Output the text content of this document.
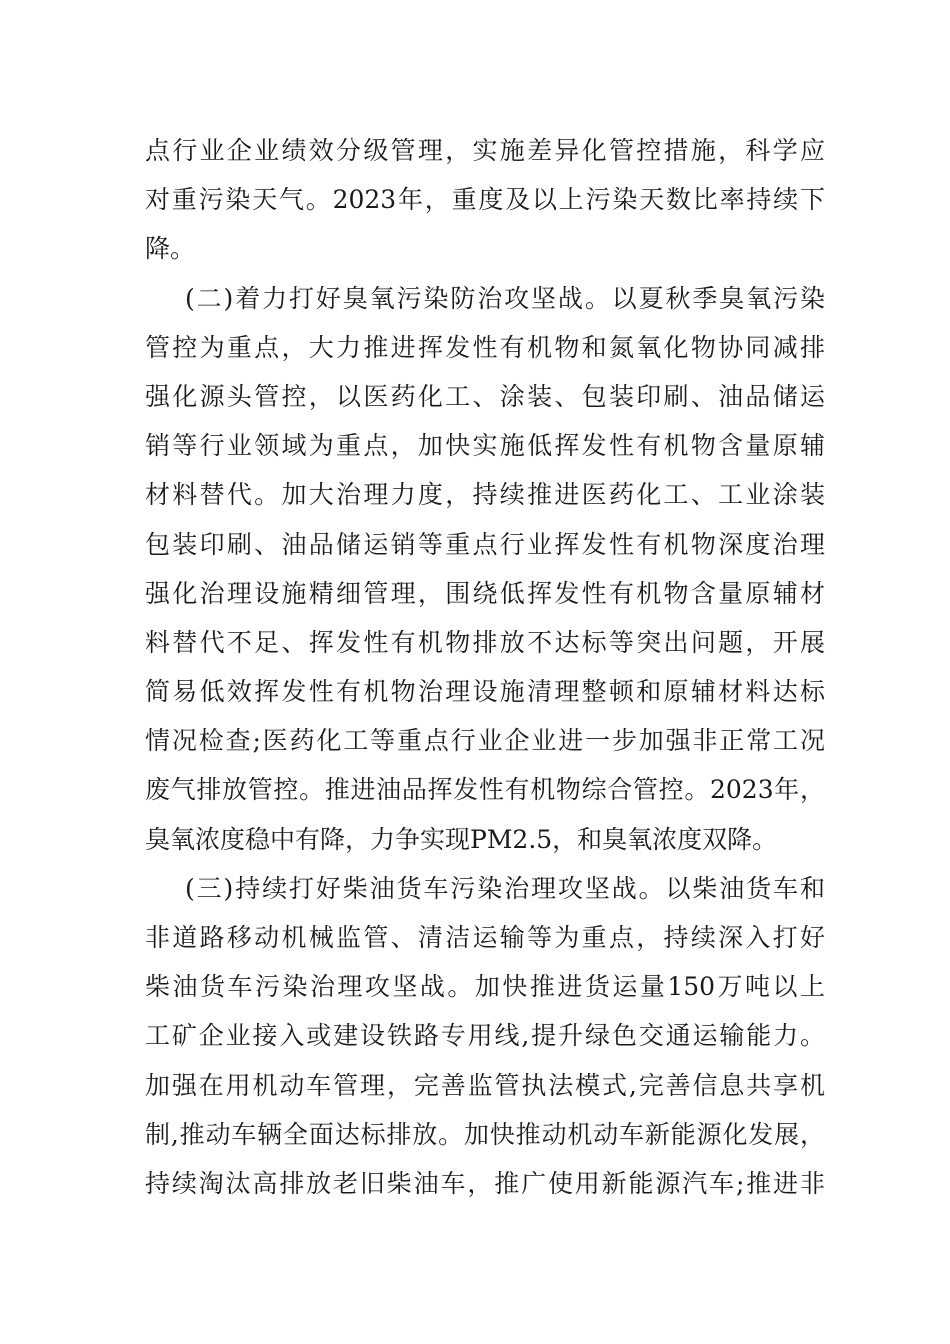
点行业企业绩效分级管理，实施差异化管控措施，科学应
对重污染天气。2023年，重度及以上污染天数比率持续下
降。
(二)着力打好臭氧污染防治攻坚战。以夏秋季臭氧污染
管控为重点，大力推进挥发性有机物和氮氧化物协同减排
强化源头管控，以医药化工、涂装、包装印刷、油品储运
销等行业领域为重点，加快实施低挥发性有机物含量原辅
材料替代。加大治理力度，持续推进医药化工、工业涂装
包装印刷、油品储运销等重点行业挥发性有机物深度治理
强化治理设施精细管理，围绕低挥发性有机物含量原辅材
料替代不足、挥发性有机物排放不达标等突出问题，开展
简易低效挥发性有机物治理设施清理整顿和原辅材料达标
情况检查;医药化工等重点行业企业进一步加强非正常工况
废气排放管控。推进油品挥发性有机物综合管控。2023年，
臭氧浓度稳中有降，力争实现PM2.5，和臭氧浓度双降。
(三)持续打好柴油货车污染治理攻坚战。以柴油货车和
非道路移动机械监管、清洁运输等为重点，持续深入打好
柴油货车污染治理攻坚战。加快推进货运量150万吨以上
工矿企业接入或建设铁路专用线,提升绿色交通运输能力。
加强在用机动车管理，完善监管执法模式,完善信息共享机
制,推动车辆全面达标排放。加快推动机动车新能源化发展，
持续淘汰高排放老旧柴油车，推广使用新能源汽车;推进非
